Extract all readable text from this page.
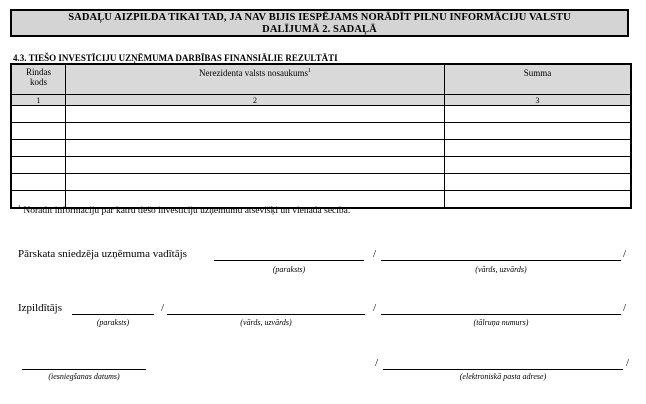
SADAĻU AIZPILDA TIKAI TAD, JA NAV BIJIS IESPĒJAMS NORĀDĪT PILNU INFORMĀCIJU VALSTU
DALĪJUMĀ 2. SADAĻĀ
4.3. TIEŠO INVESTĪCIJU UZŅĒMUMA DARBĪBAS FINANSIĀLIE REZULTĀTI
Rindas
kods	Nerezidenta valsts nosaukums$^1$	Summa
1	2	3

$^1$ Norādīt informāciju par katru tiešo investīciju uzņēmumu atsevišķi un vienādā secībā.
Pārskata sniedzēja uzņēmuma vadītājs
(paraksts)
/
(vārds, uzvārds)
/
Izpildītājs
(paraksts)
/
(vārds, uzvārds)
/
(tālruņa numurs)
/
(iesniegšanas datums)
/
(elektroniskā pasta adrese)
/
